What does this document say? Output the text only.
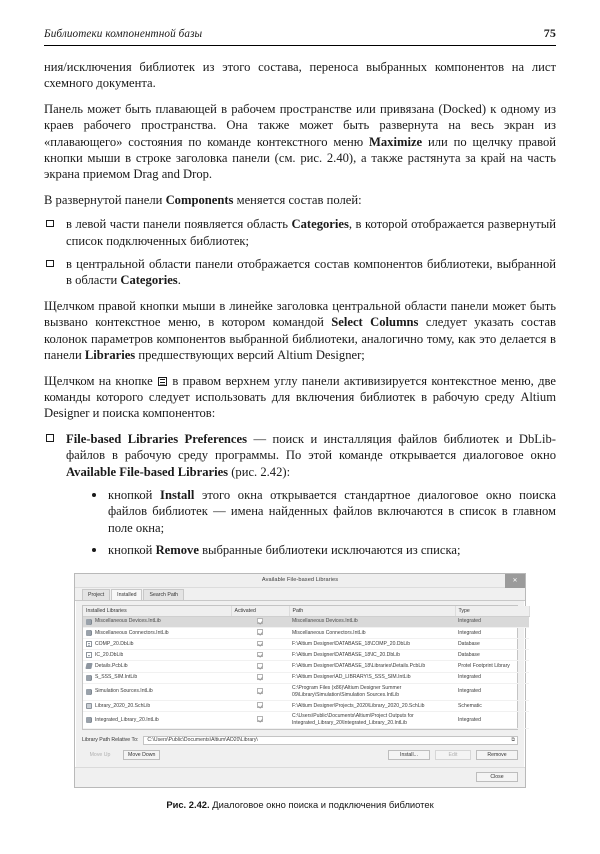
Библиотеки компонентной базы	75

ния/исключения библиотек из этого состава, переноса выбранных компонентов на лист схемного документа.

Панель может быть плавающей в рабочем пространстве или привязана (Docked) к одному из краев рабочего пространства. Она также может быть развернута на весь экран из «плавающего» состояния по команде контекстного меню Maximize или по щелчку правой кнопки мыши в строке заголовка панели (см. рис. 2.40), а также растянута за край на часть экрана приемом Drag and Drop.

В развернутой панели Components меняется состав полей:

в левой части панели появляется область Categories, в которой отображается развернутый список подключенных библиотек;
в центральной области панели отображается состав компонентов библиотеки, выбранной в области Categories.

Щелчком правой кнопки мыши в линейке заголовка центральной области панели может быть вызвано контекстное меню, в котором командой Select Columns следует указать состав колонок параметров компонентов выбранной библиотеки, аналогично тому, как это делается в панели Libraries предшествующих версий Altium Designer;

Щелчком на кнопке  в правом верхнем углу панели активизируется контекстное меню, две команды которого следует использовать для включения библиотек в рабочую среду Altium Designer и поиска компонентов:

File-based Libraries Preferences — поиск и инсталляция файлов библиотек и DbLib-файлов в рабочую среду программы. По этой команде открывается диалоговое окно Available File-based Libraries (рис. 2.42):
кнопкой Install этого окна открывается стандартное диалоговое окно поиска файлов библиотек — имена найденных файлов включаются в список в главном поле окна;
кнопкой Remove выбранные библиотеки исключаются из списка;
Available File-based Libraries	✕
Project	Installed	Search Path
Installed Libraries	Activated	Path	Type

Miscellaneous Devices.IntLib		Miscellaneous Devices.IntLib	Integrated

Miscellaneous Connectors.IntLib		Miscellaneous Connectors.IntLib	Integrated

COMP_20.DbLib		F:\Altium Designer\DATABASE_18\COMP_20.DbLib	Database

IC_20.DbLib		F:\Altium Designer\DATABASE_18\IC_20.DbLib	Database

Details.PcbLib		F:\Altium Designer\DATABASE_18\Libraries\Details.PcbLib	Protel Footprint Library

S_SSS_SIM.IntLib		F:\Altium Designer\AD_LIBRARY\S_SSS_SIM.IntLib	Integrated

Simulation Sources.IntLib		C:\Program Files (x86)\Altium Designer Summer 09\Library\Simulation\Simulation Sources.IntLib	Integrated

Library_2020_20.SchLib		F:\Altium Designer\Projects_2020\Library_2020_20.SchLib	Schematic

Integrated_Library_20.IntLib		C:\Users\Public\Documents\Altium\Project Outputs for Integrated_Library_20\Integrated_Library_20.IntLib	Integrated
Library Path Relative To: C:\Users\Public\Documents\Altium\AD20\Library\	⧉
Move Up	Move Down	Install...	Edit	Remove
Close
Рис. 2.42. Диалоговое окно поиска и подключения библиотек
